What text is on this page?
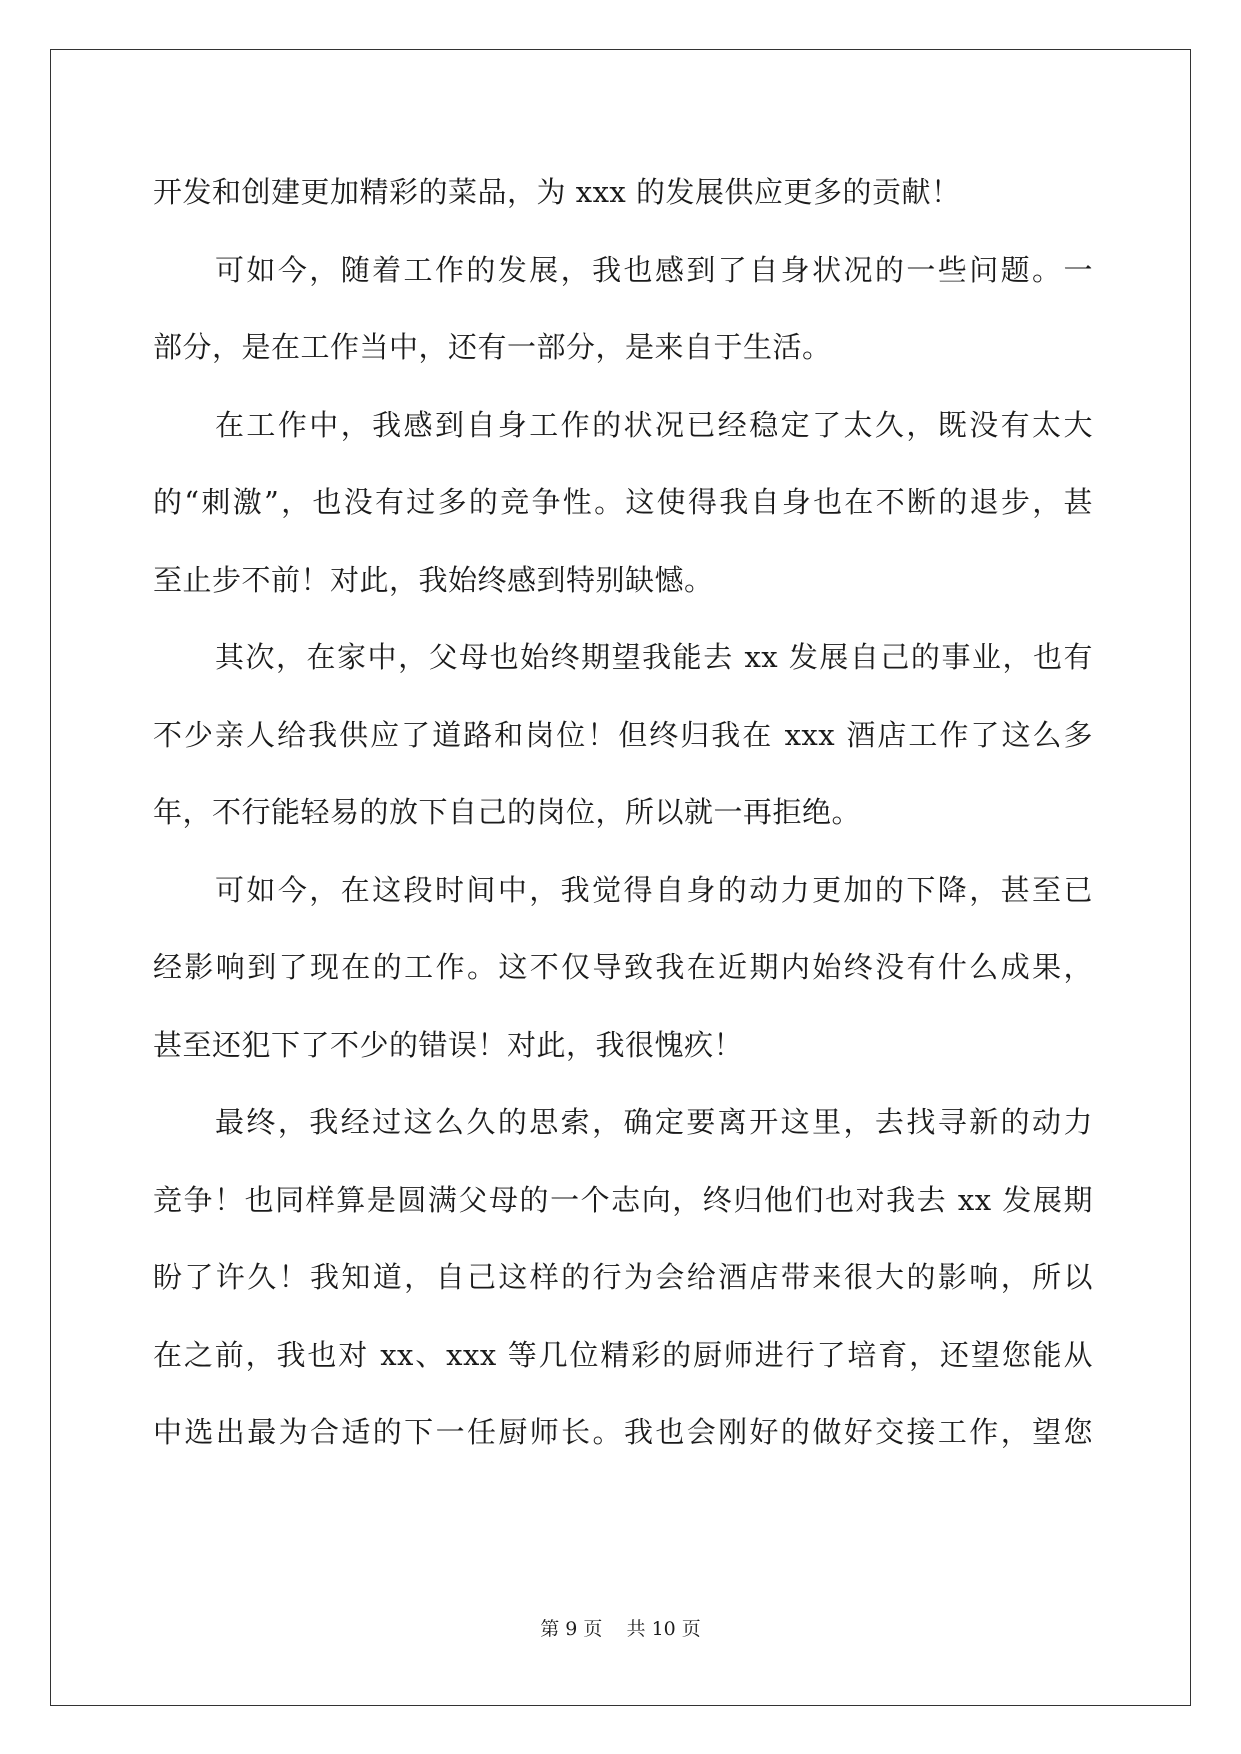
开发和创建更加精彩的菜品，为 xxx 的发展供应更多的贡献！
可如今，随着工作的发展，我也感到了自身状况的一些问题。一
部分，是在工作当中，还有一部分，是来自于生活。
在工作中，我感到自身工作的状况已经稳定了太久，既没有太大
的“刺激”，也没有过多的竞争性。这使得我自身也在不断的退步，甚
至止步不前！对此，我始终感到特别缺憾。
其次，在家中，父母也始终期望我能去 xx 发展自己的事业，也有
不少亲人给我供应了道路和岗位！但终归我在 xxx 酒店工作了这么多
年，不行能轻易的放下自己的岗位，所以就一再拒绝。
可如今，在这段时间中，我觉得自身的动力更加的下降，甚至已
经影响到了现在的工作。这不仅导致我在近期内始终没有什么成果，
甚至还犯下了不少的错误！对此，我很愧疚！
最终，我经过这么久的思索，确定要离开这里，去找寻新的动力
竞争！也同样算是圆满父母的一个志向，终归他们也对我去 xx 发展期
盼了许久！我知道，自己这样的行为会给酒店带来很大的影响，所以
在之前，我也对 xx、xxx 等几位精彩的厨师进行了培育，还望您能从
中选出最为合适的下一任厨师长。我也会刚好的做好交接工作，望您
第 9 页    共 10 页
